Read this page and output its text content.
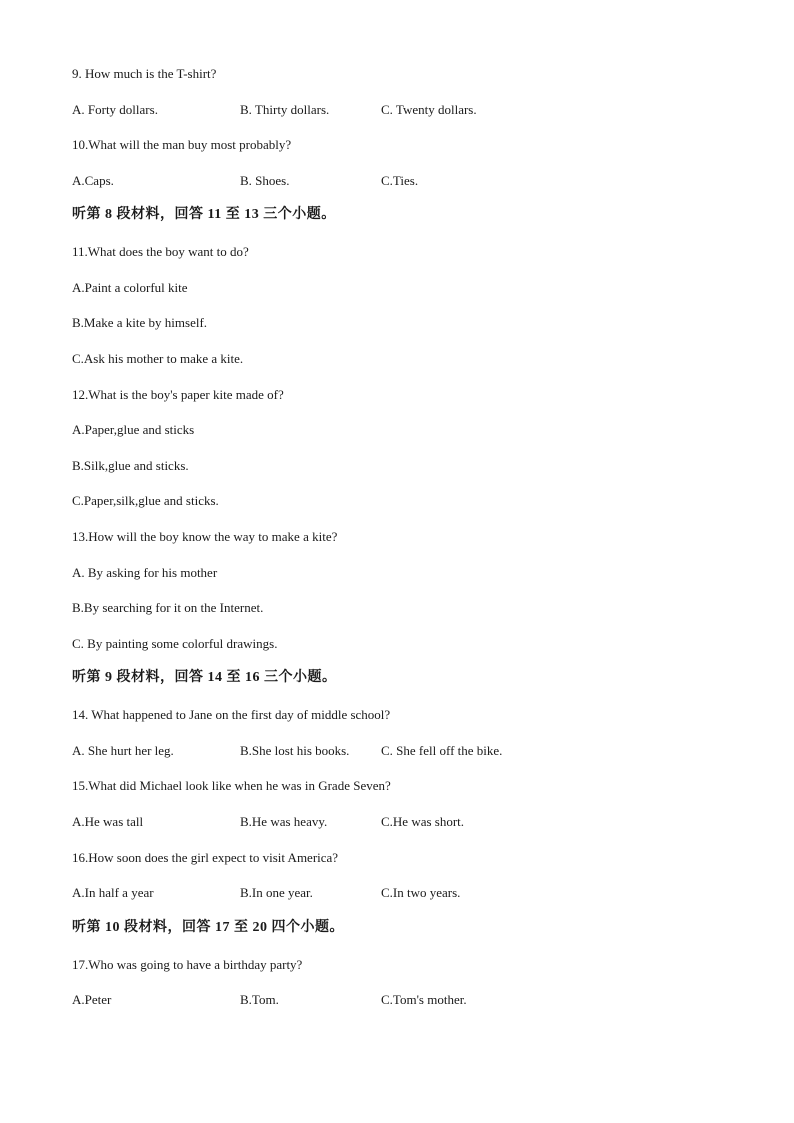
9. How much is the T-shirt?
A. Forty dollars.	B. Thirty dollars.	C. Twenty dollars.
10.What will the man buy most probably?
A.Caps.	B. Shoes.	C.Ties.
听第 8 段材料，回答 11 至 13 三个小题。
11.What does the boy want to do?
A.Paint a colorful kite
B.Make a kite by himself.
C.Ask his mother to make a kite.
12.What is the boy's paper kite made of?
A.Paper,glue and sticks
B.Silk,glue and sticks.
C.Paper,silk,glue and sticks.
13.How will the boy know the way to make a kite?
A. By asking for his mother
B.By searching for it on the Internet.
C. By painting some colorful drawings.
听第 9 段材料，回答 14 至 16 三个小题。
14. What happened to Jane on the first day of middle school?
A. She hurt her leg.	B.She lost his books. C. She fell off the bike.
15.What did Michael look like when he was in Grade Seven?
A.He was tall	B.He was heavy.	C.He was short.
16.How soon does the girl expect to visit America?
A.In half a year	B.In one year.	C.In two years.
听第 10 段材料，回答 17 至 20 四个小题。
17.Who was going to have a birthday party?
A.Peter	B.Tom.	C.Tom's mother.
